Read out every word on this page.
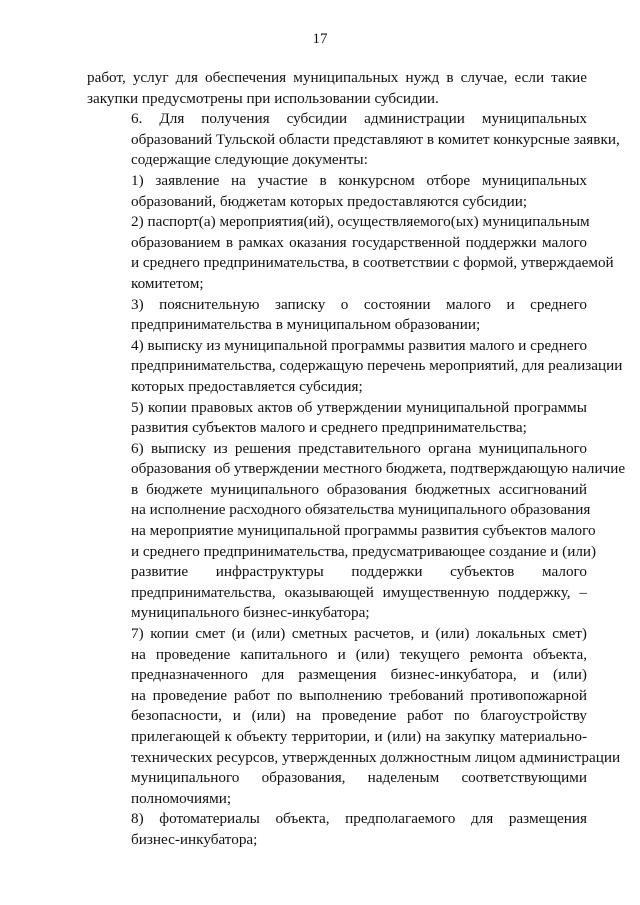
17

работ, услуг для обеспечения муниципальных нужд в случае, если такие
закупки предусмотрены при использовании субсидии.

6. Для получения субсидии администрации муниципальных
образований Тульской области представляют в комитет конкурсные заявки,
содержащие следующие документы:

1) заявление на участие в конкурсном отборе муниципальных
образований, бюджетам которых предоставляются субсидии;

2) паспорт(а) мероприятия(ий), осуществляемого(ых) муниципальным
образованием в рамках оказания государственной поддержки малого
и среднего предпринимательства, в соответствии с формой, утверждаемой
комитетом;

3) пояснительную записку о состоянии малого и среднего
предпринимательства в муниципальном образовании;

4) выписку из муниципальной программы развития малого и среднего
предпринимательства, содержащую перечень мероприятий, для реализации
которых предоставляется субсидия;

5) копии правовых актов об утверждении муниципальной программы
развития субъектов малого и среднего предпринимательства;

6) выписку из решения представительного органа муниципального
образования об утверждении местного бюджета, подтверждающую наличие
в бюджете муниципального образования бюджетных ассигнований
на исполнение расходного обязательства муниципального образования
на мероприятие муниципальной программы развития субъектов малого
и среднего предпринимательства, предусматривающее создание и (или)
развитие инфраструктуры поддержки субъектов малого
предпринимательства, оказывающей имущественную поддержку, –
муниципального бизнес-инкубатора;

7) копии смет (и (или) сметных расчетов, и (или) локальных смет)
на проведение капитального и (или) текущего ремонта объекта,
предназначенного для размещения бизнес-инкубатора, и (или)
на проведение работ по выполнению требований противопожарной
безопасности, и (или) на проведение работ по благоустройству
прилегающей к объекту территории, и (или) на закупку материально-
технических ресурсов, утвержденных должностным лицом администрации
муниципального образования, наделеным соответствующими
полномочиями;

8) фотоматериалы объекта, предполагаемого для размещения
бизнес-инкубатора;
